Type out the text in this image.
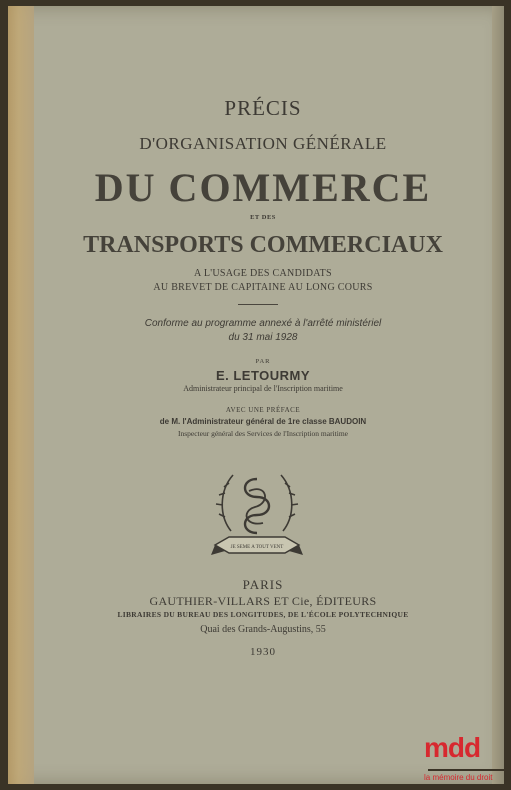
PRÉCIS
D'ORGANISATION GÉNÉRALE
DU COMMERCE
ET DES
TRANSPORTS COMMERCIAUX
A L'USAGE DES CANDIDATS
AU BREVET DE CAPITAINE AU LONG COURS
Conforme au programme annexé à l'arrêté ministériel
du 31 mai 1928
PAR
E. LETOURMY
Administrateur principal de l'Inscription maritime
AVEC UNE PRÉFACE
de M. l'Administrateur général de 1re classe BAUDOIN
Inspecteur général des Services de l'Inscription maritime
JE SEME A TOUT VENT
PARIS
GAUTHIER-VILLARS ET Cie, ÉDITEURS
LIBRAIRES DU BUREAU DES LONGITUDES, DE L'ÉCOLE POLYTECHNIQUE
Quai des Grands-Augustins, 55
1930
mdd
la mémoire du droit
